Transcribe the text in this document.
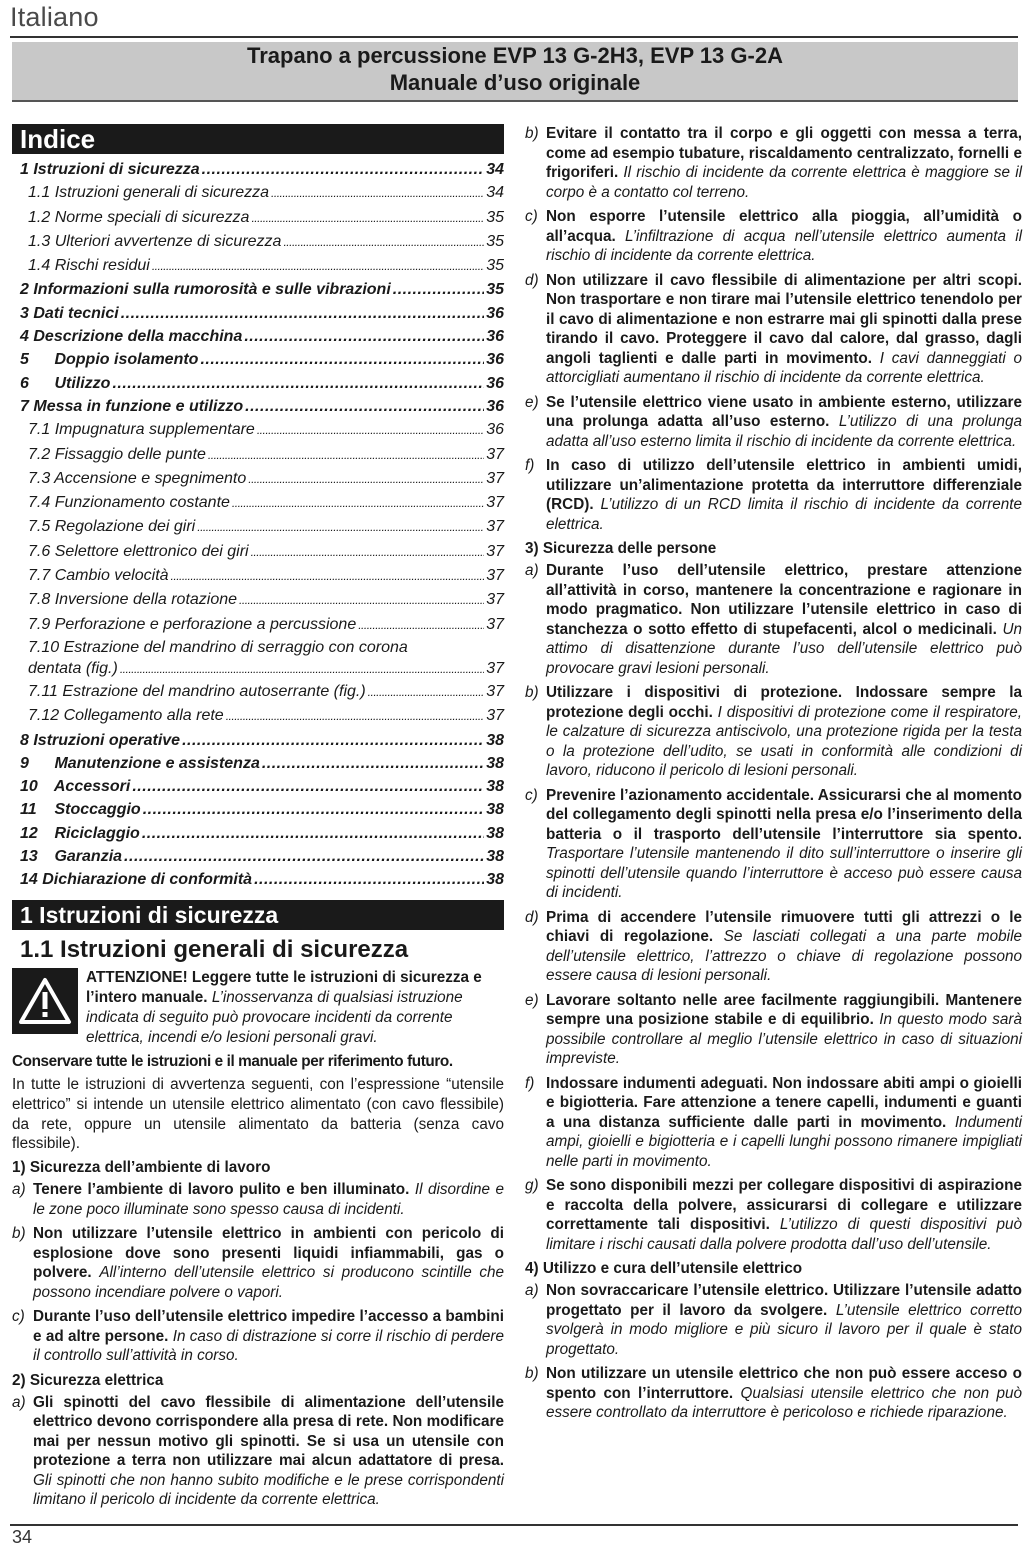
Italiano
Trapano a percussione EVP 13 G-2H3, EVP 13 G-2A
Manuale d’uso originale
Indice
1 Istruzioni di sicurezza .....	34
1.1 Istruzioni generali di sicurezza .....	34
1.2 Norme speciali di sicurezza .....	35
1.3 Ulteriori avvertenze di sicurezza .....	35
1.4 Rischi residui .....	35
2 Informazioni sulla rumorosità e sulle vibrazioni .....	35
3 Dati tecnici .....	36
4 Descrizione della macchina .....	36
5 Doppio isolamento .....	36
6 Utilizzo .....	36
7 Messa in funzione e utilizzo .....	36
7.1 Impugnatura supplementare .....	36
7.2 Fissaggio delle punte .....	37
7.3 Accensione e spegnimento .....	37
7.4 Funzionamento costante .....	37
7.5 Regolazione dei giri .....	37
7.6 Selettore elettronico dei giri .....	37
7.7 Cambio velocità .....	37
7.8 Inversione della rotazione .....	37
7.9 Perforazione e perforazione a percussione .....	37
7.10 Estrazione del mandrino di serraggio con corona
dentata (fig.) .....	37
7.11 Estrazione del mandrino autoserrante (fig.) .....	37
7.12 Collegamento alla rete .....	37
8 Istruzioni operative .....	38
9 Manutenzione e assistenza .....	38
10 Accessori .....	38
11 Stoccaggio .....	38
12 Riciclaggio .....	38
13 Garanzia .....	38
14 Dichiarazione di conformità .....	38
1 Istruzioni di sicurezza
1.1 Istruzioni generali di sicurezza
ATTENZIONE! Leggere tutte le istruzioni di sicurezza e l’intero manuale. L’inosservanza di qualsiasi istruzione indicata di seguito può provocare incidenti da corrente elettrica, incendi e/o lesioni personali gravi.

Conservare tutte le istruzioni e il manuale per riferimento futuro.

In tutte le istruzioni di avvertenza seguenti, con l’espressione “utensile elettrico” si intende un utensile elettrico alimentato (con cavo flessibile) da rete, oppure un utensile alimentato da batteria (senza cavo flessibile).

1) Sicurezza dell’ambiente di lavoro
a) Tenere l’ambiente di lavoro pulito e ben illuminato. Il disordine e le zone poco illuminate sono spesso causa di incidenti.
b) Non utilizzare l’utensile elettrico in ambienti con pericolo di esplosione dove sono presenti liquidi infiammabili, gas o polvere. All’interno dell’utensile elettrico si producono scintille che possono incendiare polvere o vapori.
c) Durante l’uso dell’utensile elettrico impedire l’accesso a bambini e ad altre persone. In caso di distrazione si corre il rischio di perdere il controllo sull’attività in corso.
2) Sicurezza elettrica
a) Gli spinotti del cavo flessibile di alimentazione dell’utensile elettrico devono corrispondere alla presa di rete. Non modificare mai per nessun motivo gli spinotti. Se si usa un utensile con protezione a terra non utilizzare mai alcun adattatore di presa. Gli spinotti che non hanno subito modifiche e le prese corrispondenti limitano il pericolo di incidente da corrente elettrica.
b) Evitare il contatto tra il corpo e gli oggetti con messa a terra, come ad esempio tubature, riscaldamento centralizzato, fornelli e frigoriferi. Il rischio di incidente da corrente elettrica è maggiore se il corpo è a contatto col terreno.
c) Non esporre l’utensile elettrico alla pioggia, all’umidità o all’acqua. L’infiltrazione di acqua nell’utensile elettrico aumenta il rischio di incidente da corrente elettrica.
d) Non utilizzare il cavo flessibile di alimentazione per altri scopi. Non trasportare e non tirare mai l’utensile elettrico tenendolo per il cavo di alimentazione e non estrarre mai gli spinotti dalla prese tirando il cavo. Proteggere il cavo dal calore, dal grasso, dagli angoli taglienti e dalle parti in movimento. I cavi danneggiati o attorcigliati aumentano il rischio di incidente da corrente elettrica.
e) Se l’utensile elettrico viene usato in ambiente esterno, utilizzare una prolunga adatta all’uso esterno. L’utilizzo di una prolunga adatta all’uso esterno limita il rischio di incidente da corrente elettrica.
f) In caso di utilizzo dell’utensile elettrico in ambienti umidi, utilizzare un’alimentazione protetta da interruttore differenziale (RCD). L’utilizzo di un RCD limita il rischio di incidente da corrente elettrica.
3) Sicurezza delle persone
a) Durante l’uso dell’utensile elettrico, prestare attenzione all’attività in corso, mantenere la concentrazione e ragionare in modo pragmatico. Non utilizzare l’utensile elettrico in caso di stanchezza o sotto effetto di stupefacenti, alcol o medicinali. Un attimo di disattenzione durante l’uso dell’utensile elettrico può provocare gravi lesioni personali.
b) Utilizzare i dispositivi di protezione. Indossare sempre la protezione degli occhi. I dispositivi di protezione come il respiratore, le calzature di sicurezza antiscivolo, una protezione rigida per la testa o la protezione dell’udito, se usati in conformità alle condizioni di lavoro, riducono il pericolo di lesioni personali.
c) Prevenire l’azionamento accidentale. Assicurarsi che al momento del collegamento degli spinotti nella presa e/o l’inserimento della batteria o il trasporto dell’utensile l’interruttore sia spento. Trasportare l’utensile mantenendo il dito sull’interruttore o inserire gli spinotti dell’utensile quando l’interruttore è acceso può essere causa di incidenti.
d) Prima di accendere l’utensile rimuovere tutti gli attrezzi o le chiavi di regolazione. Se lasciati collegati a una parte mobile dell’utensile elettrico, l’attrezzo o chiave di regolazione possono essere causa di lesioni personali.
e) Lavorare soltanto nelle aree facilmente raggiungibili. Mantenere sempre una posizione stabile e di equilibrio. In questo modo sarà possibile controllare al meglio l’utensile elettrico in caso di situazioni impreviste.
f) Indossare indumenti adeguati. Non indossare abiti ampi o gioielli e bigiotteria. Fare attenzione a tenere capelli, indumenti e guanti a una distanza sufficiente dalle parti in movimento. Indumenti ampi, gioielli e bigiotteria e i capelli lunghi possono rimanere impigliati nelle parti in movimento.
g) Se sono disponibili mezzi per collegare dispositivi di aspirazione e raccolta della polvere, assicurarsi di collegare e utilizzare correttamente tali dispositivi. L’utilizzo di questi dispositivi può limitare i rischi causati dalla polvere prodotta dall’uso dell’utensile.
4) Utilizzo e cura dell’utensile elettrico
a) Non sovraccaricare l’utensile elettrico. Utilizzare l’utensile adatto progettato per il lavoro da svolgere. L’utensile elettrico corretto svolgerà in modo migliore e più sicuro il lavoro per il quale è stato progettato.
b) Non utilizzare un utensile elettrico che non può essere acceso o spento con l’interruttore. Qualsiasi utensile elettrico che non può essere controllato da interruttore è pericoloso e richiede riparazione.
34
